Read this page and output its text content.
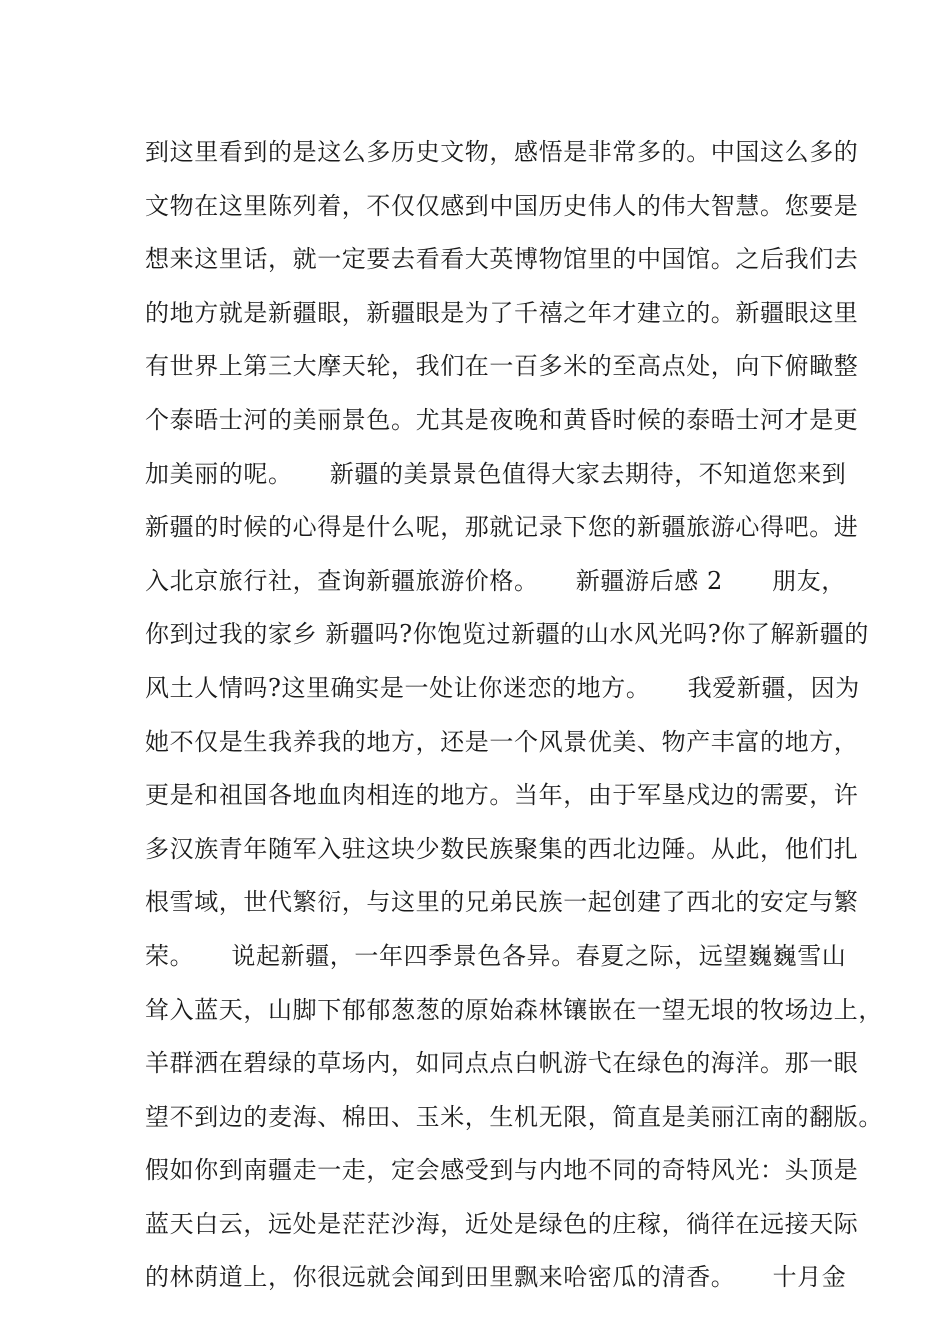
到这里看到的是这么多历史文物，感悟是非常多的。中国这么多的
文物在这里陈列着，不仅仅感到中国历史伟人的伟大智慧。您要是
想来这里话，就一定要去看看大英博物馆里的中国馆。之后我们去
的地方就是新疆眼，新疆眼是为了千禧之年才建立的。新疆眼这里
有世界上第三大摩天轮，我们在一百多米的至高点处，向下俯瞰整
个泰晤士河的美丽景色。尤其是夜晚和黄昏时候的泰晤士河才是更
加美丽的呢。　　新疆的美景景色值得大家去期待，不知道您来到
新疆的时候的心得是什么呢，那就记录下您的新疆旅游心得吧。进
入北京旅行社，查询新疆旅游价格。　　新疆游后感 2　　朋友，
你到过我的家乡 新疆吗?你饱览过新疆的山水风光吗?你了解新疆的
风土人情吗?这里确实是一处让你迷恋的地方。　　我爱新疆，因为
她不仅是生我养我的地方，还是一个风景优美、物产丰富的地方，
更是和祖国各地血肉相连的地方。当年，由于军垦戍边的需要，许
多汉族青年随军入驻这块少数民族聚集的西北边陲。从此，他们扎
根雪域，世代繁衍，与这里的兄弟民族一起创建了西北的安定与繁
荣。　　说起新疆，一年四季景色各异。春夏之际，远望巍巍雪山
耸入蓝天，山脚下郁郁葱葱的原始森林镶嵌在一望无垠的牧场边上，
羊群洒在碧绿的草场内，如同点点白帆游弋在绿色的海洋。那一眼
望不到边的麦海、棉田、玉米，生机无限，简直是美丽江南的翻版。
假如你到南疆走一走，定会感受到与内地不同的奇特风光：头顶是
蓝天白云，远处是茫茫沙海，近处是绿色的庄稼，徜徉在远接天际
的林荫道上，你很远就会闻到田里飘来哈密瓜的清香。　　十月金
